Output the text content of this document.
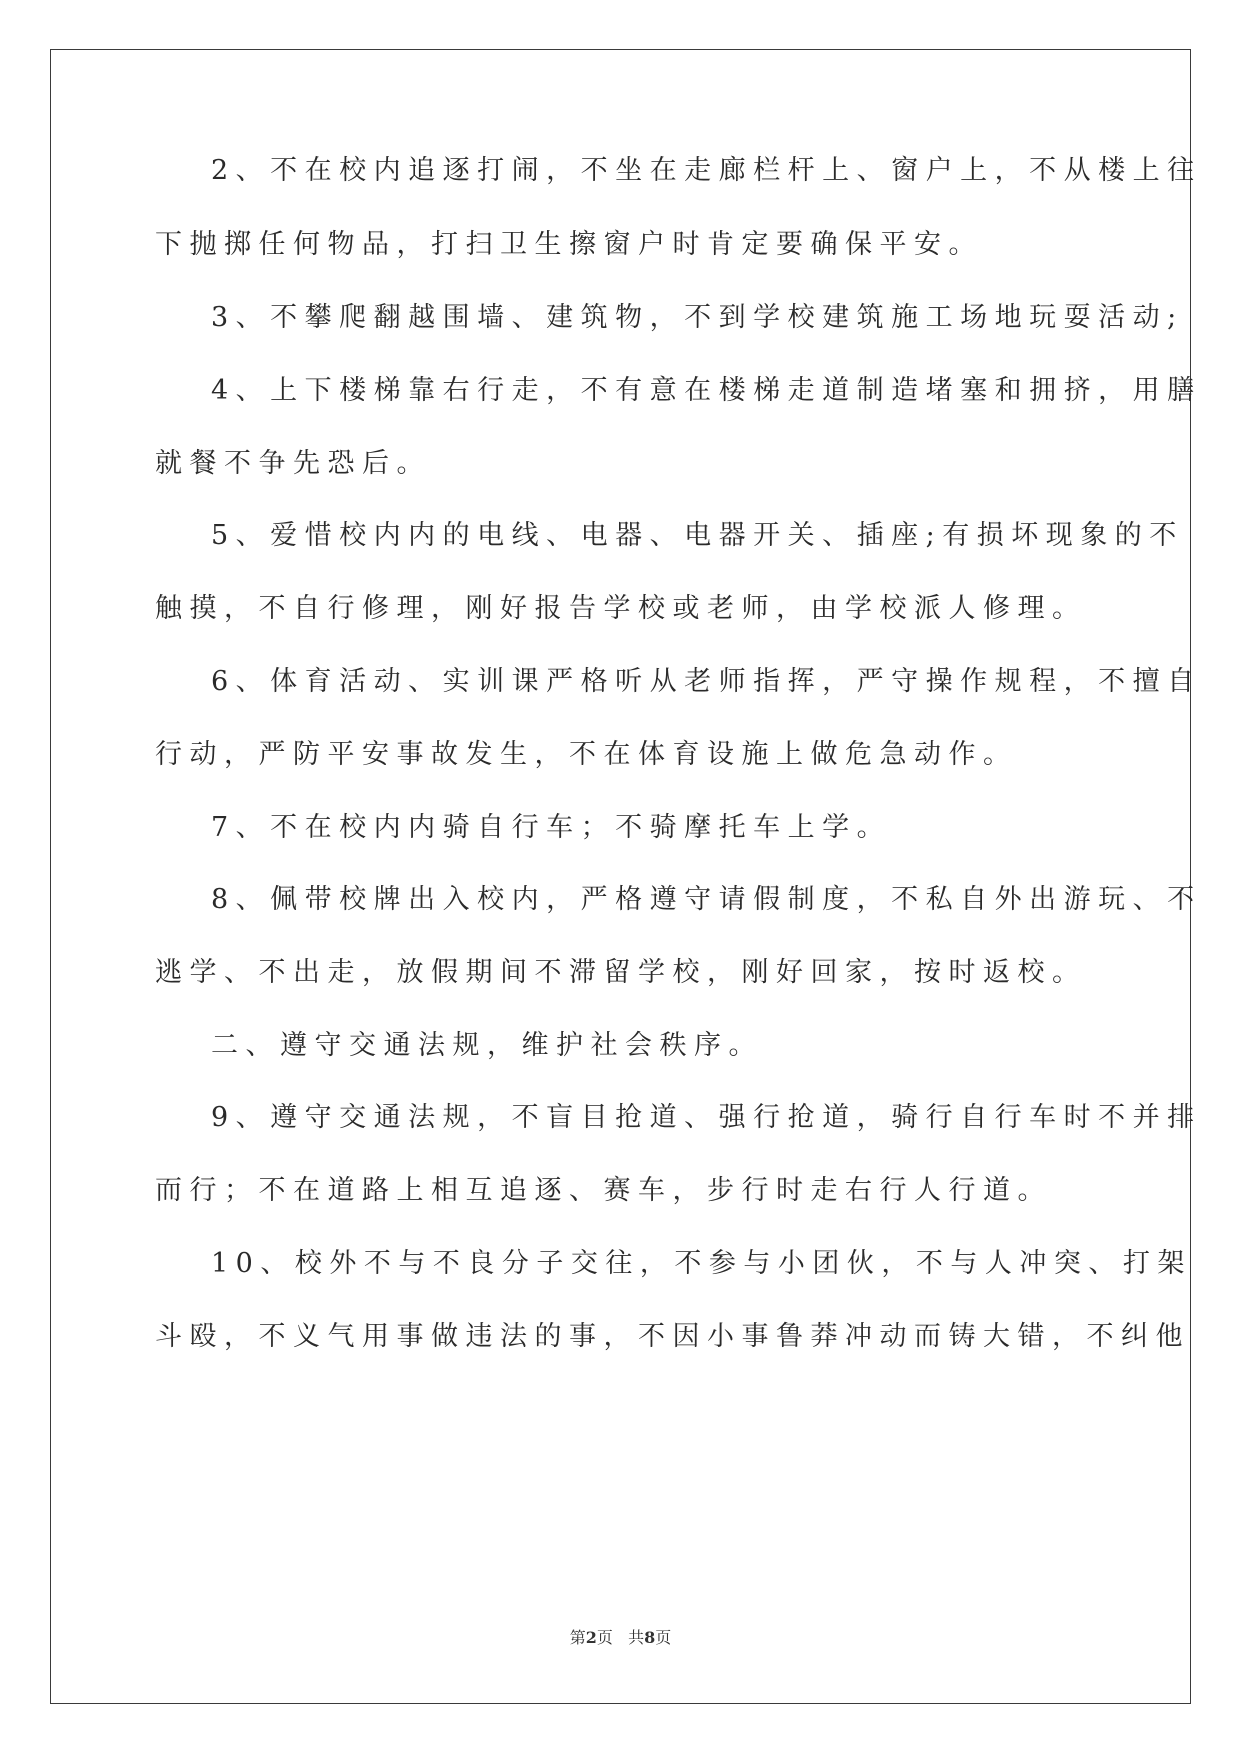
2、不在校内追逐打闹，不坐在走廊栏杆上、窗户上，不从楼上往
下抛掷任何物品，打扫卫生擦窗户时肯定要确保平安。
3、不攀爬翻越围墙、建筑物，不到学校建筑施工场地玩耍活动;
4、上下楼梯靠右行走，不有意在楼梯走道制造堵塞和拥挤，用膳
就餐不争先恐后。
5、爱惜校内内的电线、电器、电器开关、插座;有损坏现象的不
触摸，不自行修理，刚好报告学校或老师，由学校派人修理。
6、体育活动、实训课严格听从老师指挥，严守操作规程，不擅自
行动，严防平安事故发生，不在体育设施上做危急动作。
7、不在校内内骑自行车；不骑摩托车上学。
8、佩带校牌出入校内，严格遵守请假制度，不私自外出游玩、不
逃学、不出走，放假期间不滞留学校，刚好回家，按时返校。
二、遵守交通法规，维护社会秩序。
9、遵守交通法规，不盲目抢道、强行抢道，骑行自行车时不并排
而行；不在道路上相互追逐、赛车，步行时走右行人行道。
10、校外不与不良分子交往，不参与小团伙，不与人冲突、打架
斗殴，不义气用事做违法的事，不因小事鲁莽冲动而铸大错，不纠他
第2页 共8页
